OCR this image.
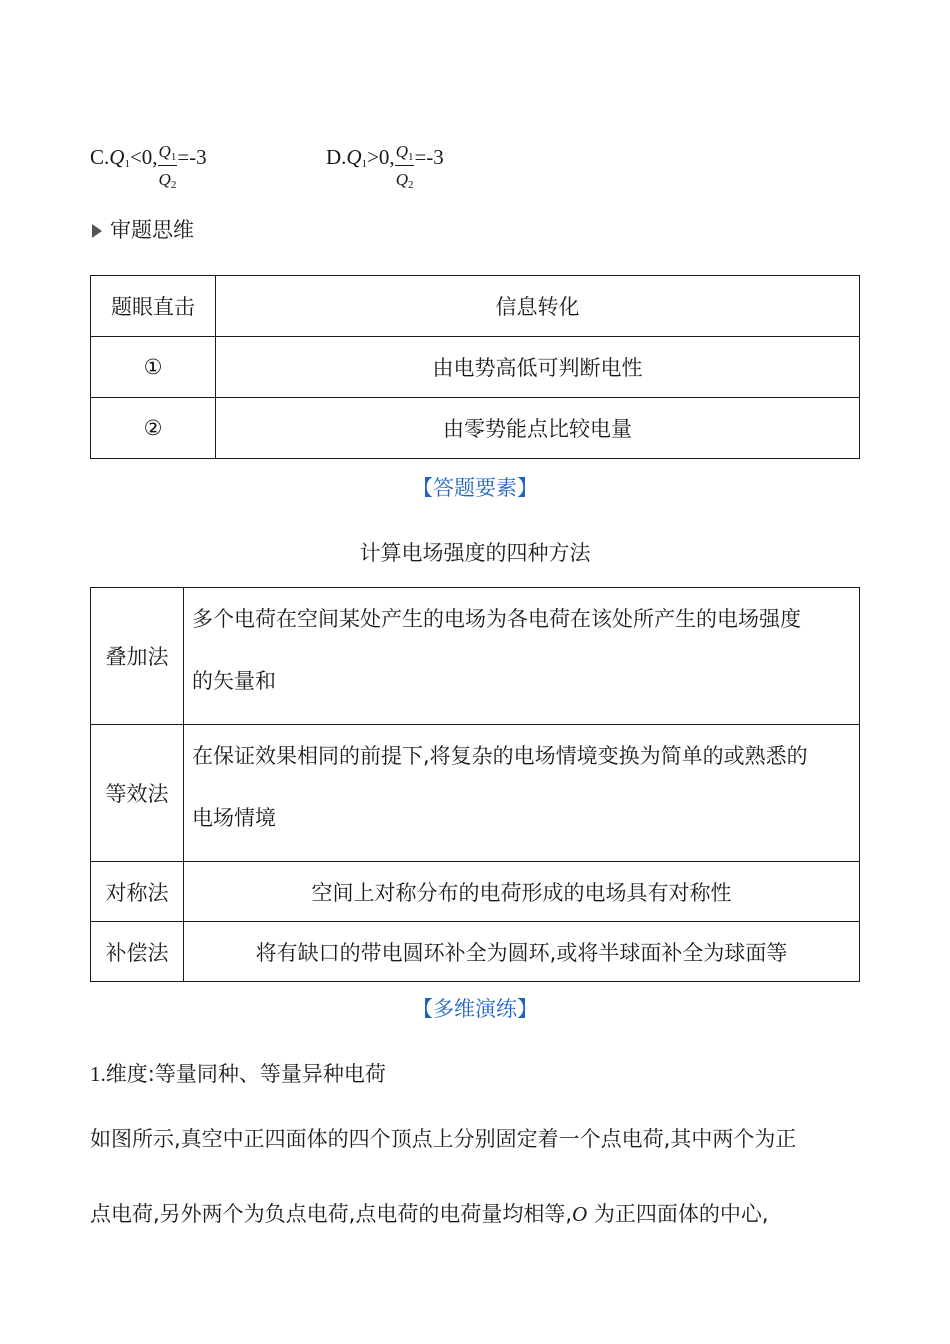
$C.Q_1<0$, $\frac{Q_1}{Q_2} =-3$	$D.Q_1>0$, $\frac{Q_1}{Q_2} =-3$
审题思维
题眼直击	信息转化
①	由电势高低可判断电性
②	由零势能点比较电量
【答题要素】
计算电场强度的四种方法
叠加法	多个电荷在空间某处产生的电场为各电荷在该处所产生的电场强度
的矢量和

等效法	在保证效果相同的前提下,将复杂的电场情境变换为简单的或熟悉的
电场情境

对称法	空间上对称分布的电荷形成的电场具有对称性
补偿法	将有缺口的带电圆环补全为圆环,或将半球面补全为球面等
【多维演练】
1.维度:等量同种、等量异种电荷
如图所示,真空中正四面体的四个顶点上分别固定着一个点电荷,其中两个为正
点电荷,另外两个为负点电荷,点电荷的电荷量均相等,O 为正四面体的中心,
